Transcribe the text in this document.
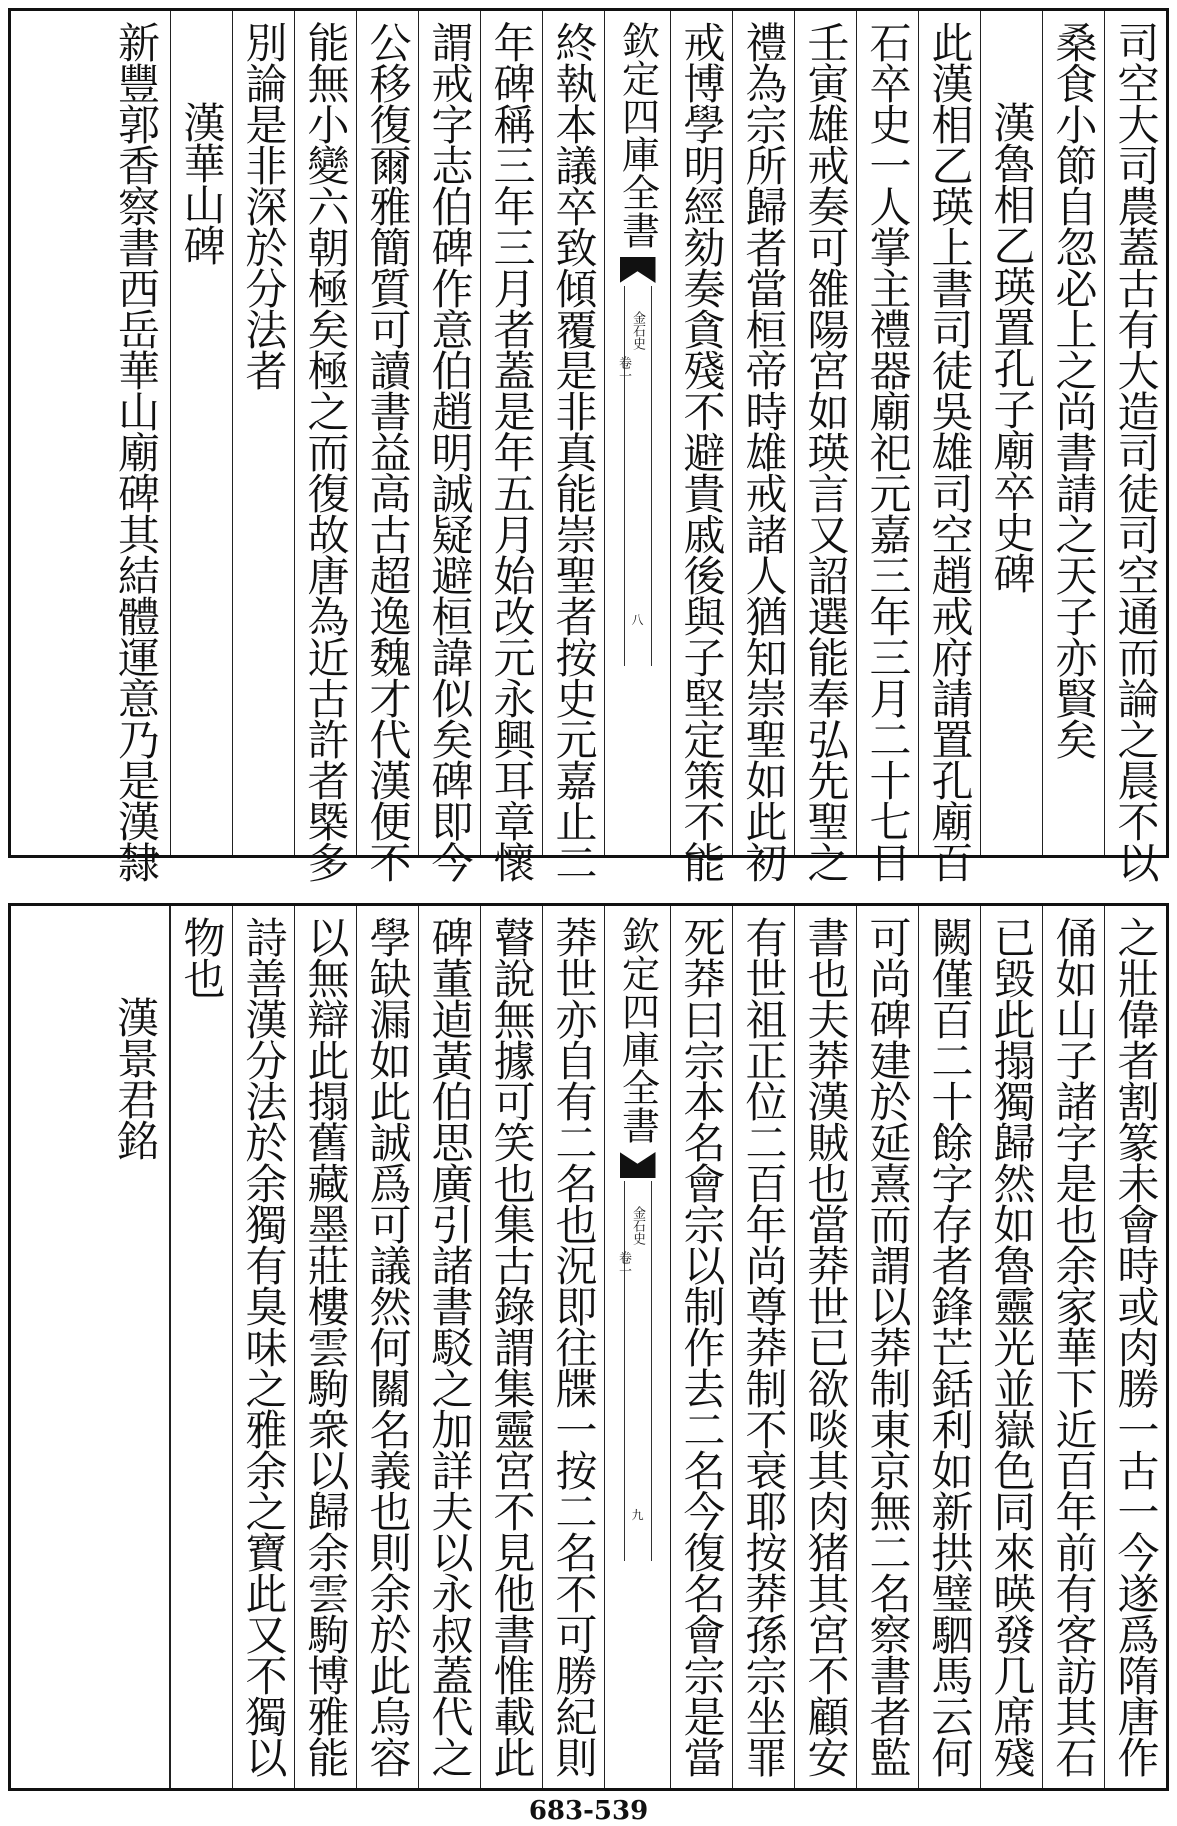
司空大司農蓋古有大造司徒司空通而論之晨不以
桑食小節自忽必上之尚書請之天子亦賢矣
漢魯相乙瑛置孔子廟卒史碑
此漢相乙瑛上書司徒吳雄司空趙戒府請置孔廟百
石卒史一人掌主禮器廟祀元嘉三年三月二十七日
壬寅雄戒奏可雒陽宮如瑛言又詔選能奉弘先聖之
禮為宗所歸者當桓帝時雄戒諸人猶知崇聖如此初
戒博學明經劾奏貪殘不避貴戚後與子堅定策不能
欽定四庫全書
金石史
卷一
八
終執本議卒致傾覆是非真能崇聖者按史元嘉止二
年碑稱三年三月者蓋是年五月始改元永興耳章懷
謂戒字志伯碑作意伯趙明誠疑避桓諱似矣碑即今
公移復爾雅簡質可讀書益高古超逸魏才代漢便不
能無小變六朝極矣極之而復故唐為近古許者槩多
別論是非深於分法者
漢華山碑
新豐郭香察書西岳華山廟碑其結體運意乃是漢隸
之壯偉者割篆未會時或肉勝一古一今遂爲隋唐作
俑如山子諸字是也余家華下近百年前有客訪其石
已毀此搨獨歸然如魯靈光並嶽色同來暎發几席殘
闕僅百二十餘字存者鋒芒銛利如新拱璧駟馬云何
可尚碑建於延熹而謂以莽制東京無二名察書者監
書也夫莽漢賊也當莽世已欲啖其肉猪其宮不顧安
有世祖正位二百年尚尊莽制不衰耶按莽孫宗坐罪
死莽曰宗本名會宗以制作去二名今復名會宗是當
欽定四庫全書
金石史
卷一
九
莽世亦自有二名也況即往牒一按二名不可勝紀則
瞽說無據可笑也集古錄謂集靈宮不見他書惟載此
碑董逌黃伯思廣引諸書駁之加詳夫以永叔蓋代之
學缺漏如此誠爲可議然何關名義也則余於此烏容
以無辯此搨舊藏墨莊樓雲駒衆以歸余雲駒博雅能
詩善漢分法於余獨有臭味之雅余之寶此又不獨以
物也
漢景君銘
683-539
